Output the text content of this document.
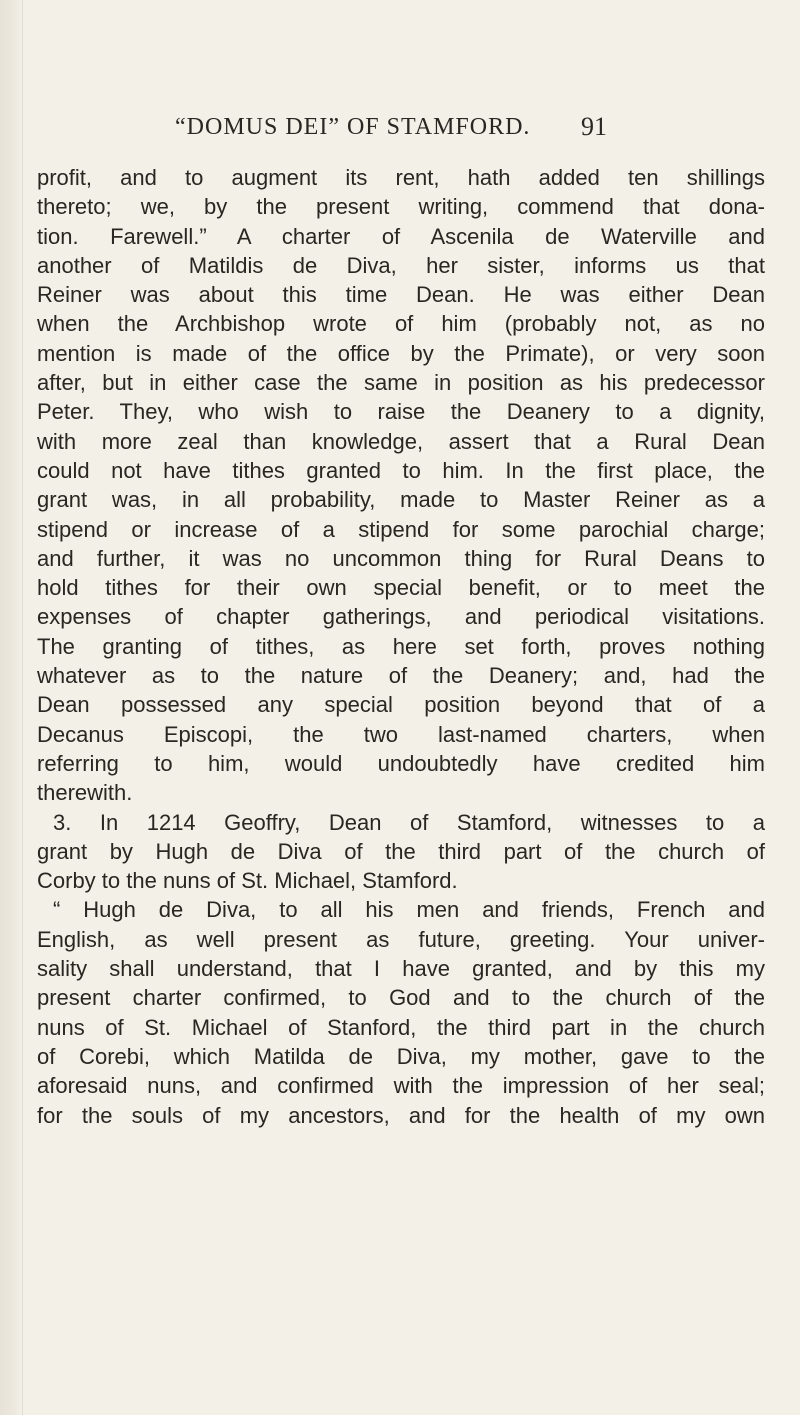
“DOMUS DEI” OF STAMFORD. 91
profit, and to augment its rent, hath added ten shillings
thereto; we, by the present writing, commend that dona-
tion. Farewell.” A charter of Ascenila de Waterville and
another of Matildis de Diva, her sister, informs us that
Reiner was about this time Dean. He was either Dean
when the Archbishop wrote of him (probably not, as no
mention is made of the office by the Primate), or very soon
after, but in either case the same in position as his predecessor
Peter. They, who wish to raise the Deanery to a dignity,
with more zeal than knowledge, assert that a Rural Dean
could not have tithes granted to him. In the first place, the
grant was, in all probability, made to Master Reiner as a
stipend or increase of a stipend for some parochial charge;
and further, it was no uncommon thing for Rural Deans to
hold tithes for their own special benefit, or to meet the
expenses of chapter gatherings, and periodical visitations.
The granting of tithes, as here set forth, proves nothing
whatever as to the nature of the Deanery; and, had the
Dean possessed any special position beyond that of a
Decanus Episcopi, the two last-named charters, when
referring to him, would undoubtedly have credited him
therewith.
3. In 1214 Geoffry, Dean of Stamford, witnesses to a
grant by Hugh de Diva of the third part of the church of
Corby to the nuns of St. Michael, Stamford.
“ Hugh de Diva, to all his men and friends, French and
English, as well present as future, greeting. Your univer-
sality shall understand, that I have granted, and by this my
present charter confirmed, to God and to the church of the
nuns of St. Michael of Stanford, the third part in the church
of Corebi, which Matilda de Diva, my mother, gave to the
aforesaid nuns, and confirmed with the impression of her seal;
for the souls of my ancestors, and for the health of my own
